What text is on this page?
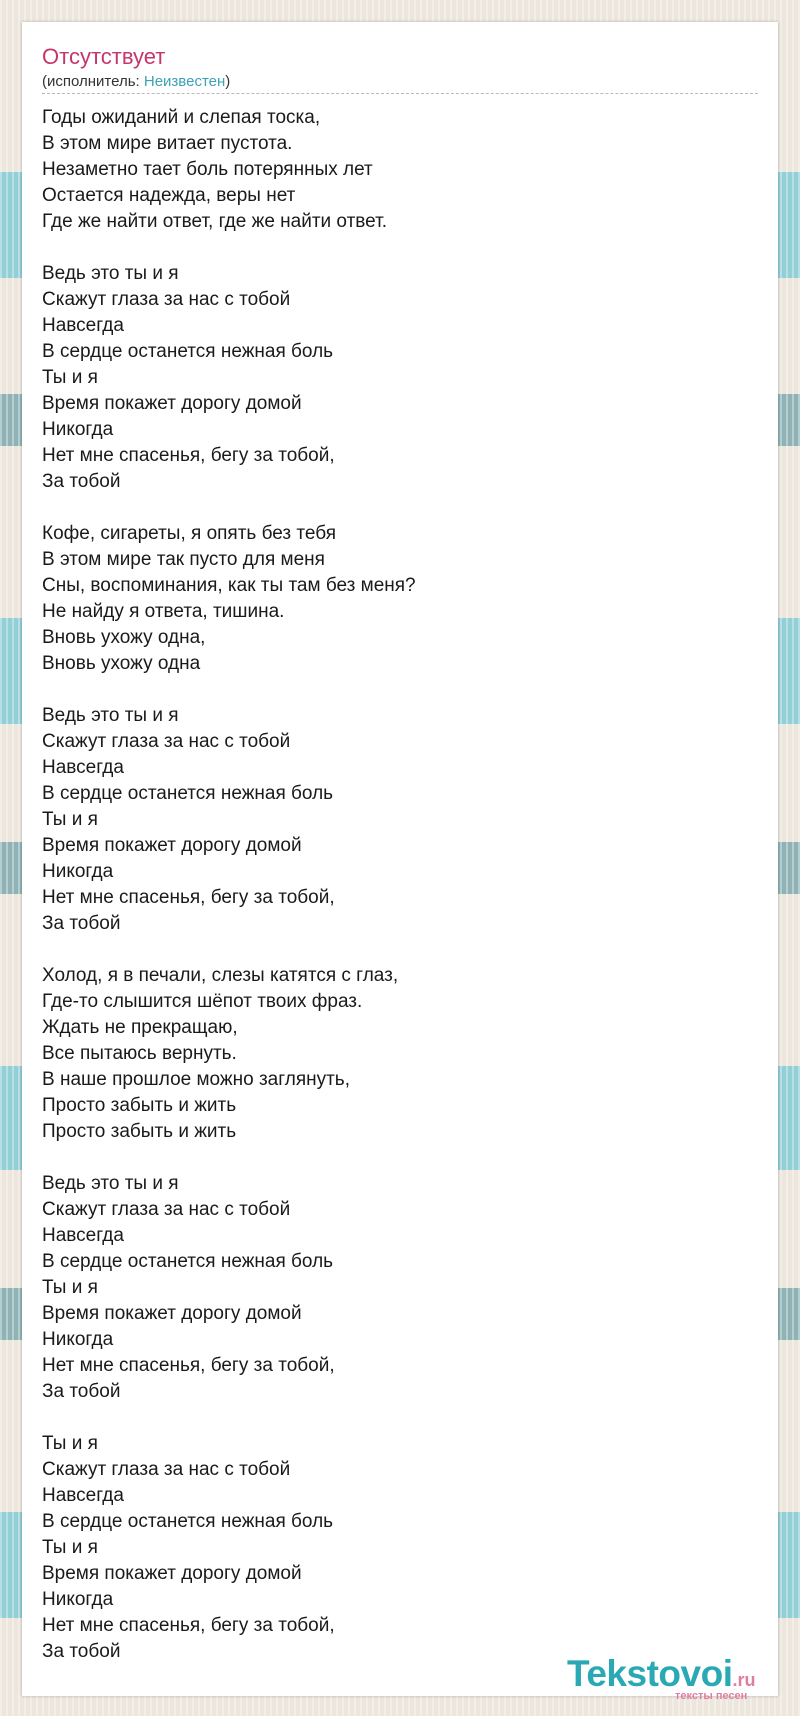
Отсутствует
(исполнитель: Неизвестен)
Годы ожиданий и слепая тоска,
В этом мире витает пустота.
Незаметно тает боль потерянных лет
Остается надежда, веры нет
Где же найти ответ, где же найти ответ.
Ведь это ты и я
Скажут глаза за нас с тобой
Навсегда
В сердце останется нежная боль
Ты и я
Время покажет дорогу домой
Никогда
Нет мне спасенья, бегу за тобой,
За тобой
Кофе, сигареты, я опять без тебя
В этом мире так пусто для меня
Сны, воспоминания, как ты там без меня?
Не найду я ответа, тишина.
Вновь ухожу одна,
Вновь ухожу одна
Ведь это ты и я
Скажут глаза за нас с тобой
Навсегда
В сердце останется нежная боль
Ты и я
Время покажет дорогу домой
Никогда
Нет мне спасенья, бегу за тобой,
За тобой
Холод, я в печали, слезы катятся с глаз,
Где-то слышится шёпот твоих фраз.
Ждать не прекращаю,
Все пытаюсь вернуть.
В наше прошлое можно заглянуть,
Просто забыть и жить
Просто забыть и жить
Ведь это ты и я
Скажут глаза за нас с тобой
Навсегда
В сердце останется нежная боль
Ты и я
Время покажет дорогу домой
Никогда
Нет мне спасенья, бегу за тобой,
За тобой
Ты и я
Скажут глаза за нас с тобой
Навсегда
В сердце останется нежная боль
Ты и я
Время покажет дорогу домой
Никогда
Нет мне спасенья, бегу за тобой,
За тобой
Tekstovoi.ru
тексты песен
